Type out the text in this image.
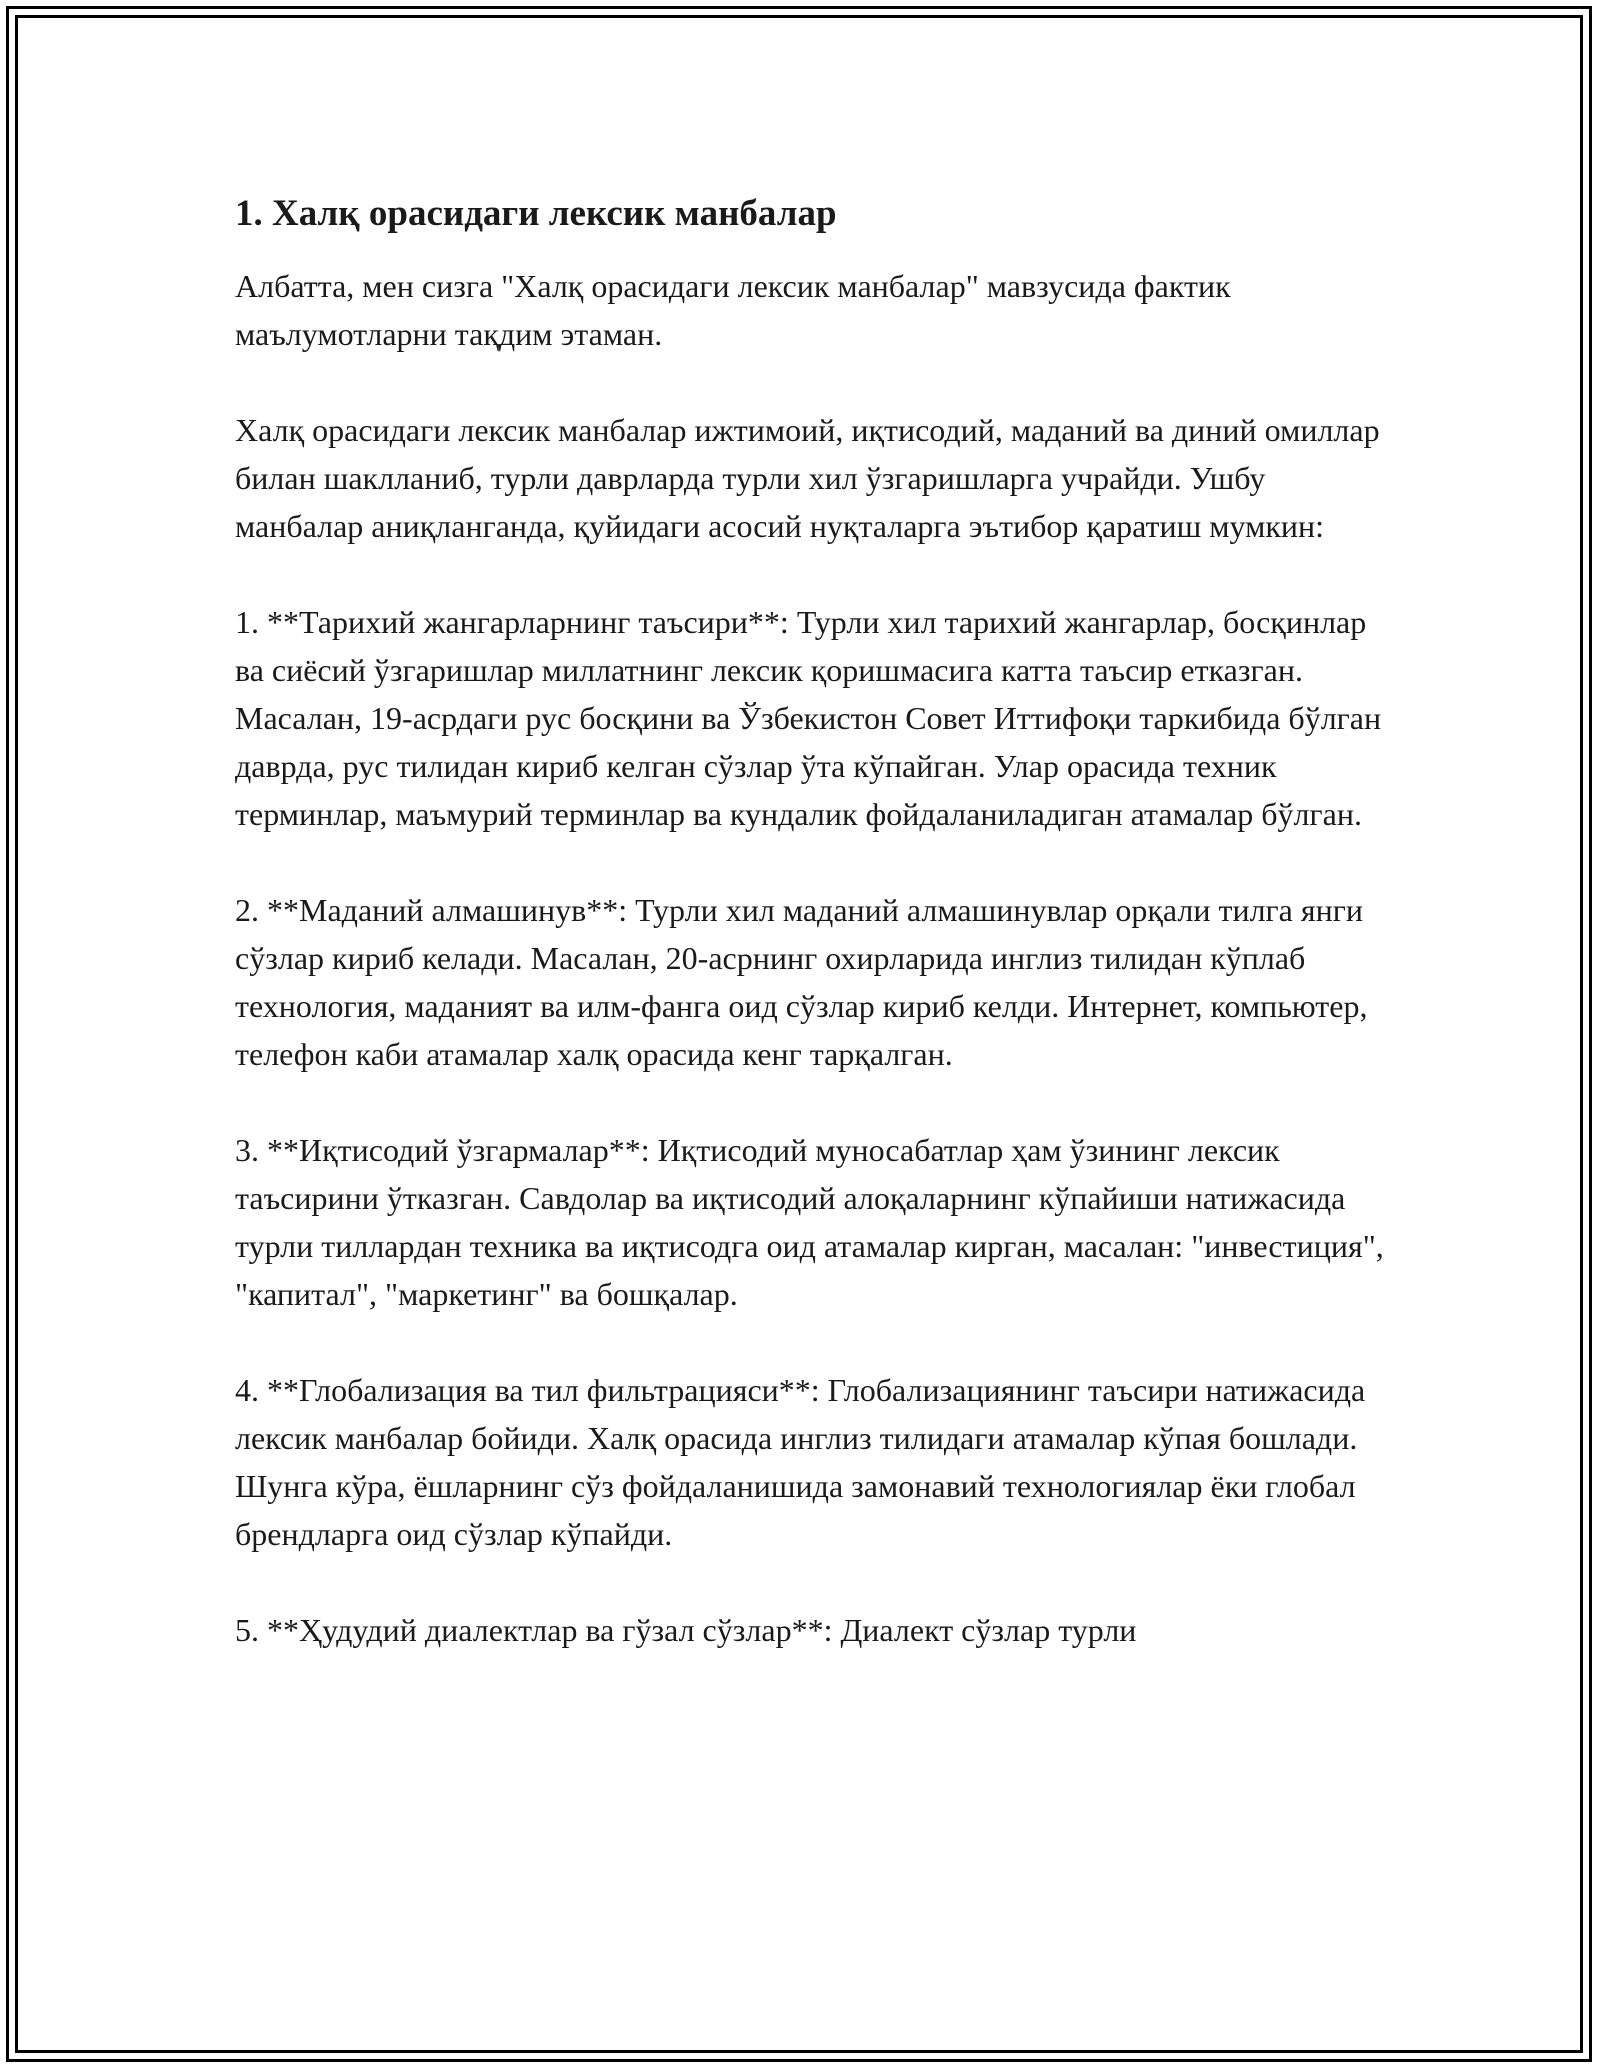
1. Халқ орасидаги лексик манбалар

Албатта, мен сизга "Халқ орасидаги лексик манбалар" мавзусида фактик маълумотларни тақдим этаман.

Халқ орасидаги лексик манбалар ижтимоий, иқтисодий, маданий ва диний омиллар билан шаклланиб, турли даврларда турли хил ўзгаришларга учрайди. Ушбу манбалар аниқланганда, қуйидаги асосий нуқталарга эътибор қаратиш мумкин:

1. **Тарихий жангарларнинг таъсири**: Турли хил тарихий жангарлар, босқинлар ва сиёсий ўзгаришлар миллатнинг лексик қоришмасига катта таъсир етказган. Масалан, 19-асрдаги рус босқини ва Ўзбекистон Совет Иттифоқи таркибида бўлган даврда, рус тилидан кириб келган сўзлар ўта кўпайган. Улар орасида техник терминлар, маъмурий терминлар ва кундалик фойдаланиладиган атамалар бўлган.

2. **Маданий алмашинув**: Турли хил маданий алмашинувлар орқали тилга янги сўзлар кириб келади. Масалан, 20-асрнинг охирларида инглиз тилидан кўплаб технология, маданият ва илм-фанга оид сўзлар кириб келди. Интернет, компьютер, телефон каби атамалар халқ орасида кенг тарқалган.

3. **Иқтисодий ўзгармалар**: Иқтисодий муносабатлар ҳам ўзининг лексик таъсирини ўтказган. Савдолар ва иқтисодий алоқаларнинг кўпайиши натижасида турли тиллардан техника ва иқтисодга оид атамалар кирган, масалан: "инвестиция", "капитал", "маркетинг" ва бошқалар.

4. **Глобализация ва тил фильтрацияси**: Глобализациянинг таъсири натижасида лексик манбалар бойиди. Халқ орасида инглиз тилидаги атамалар кўпая бошлади. Шунга кўра, ёшларнинг сўз фойдаланишида замонавий технологиялар ёки глобал брендларга оид сўзлар кўпайди.

5. **Ҳудудий диалектлар ва гўзал сўзлар**: Диалект сўзлар турли
